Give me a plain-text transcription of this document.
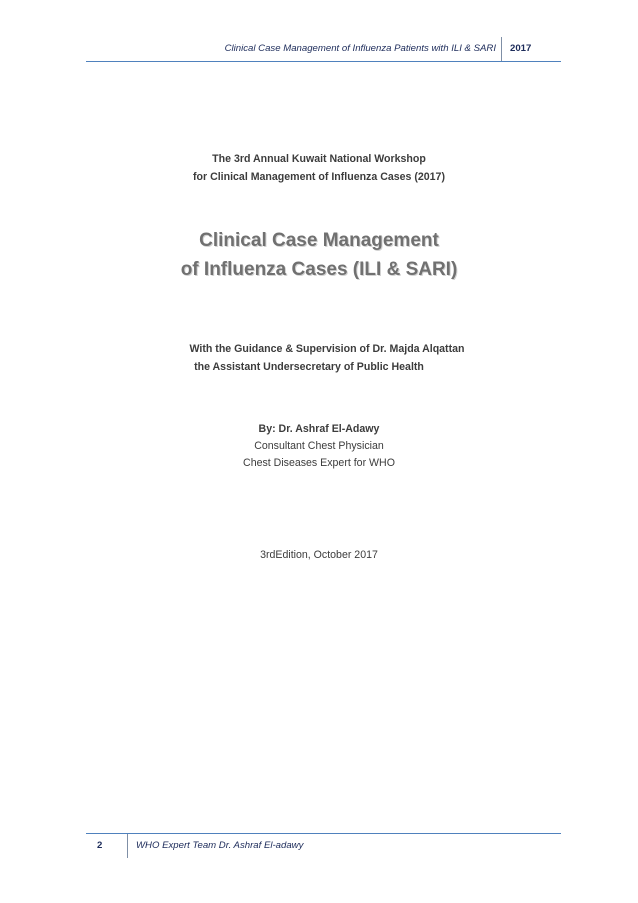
Clinical Case Management of Influenza Patients with ILI & SARI 2017
The 3rd Annual Kuwait National Workshop
for Clinical Management of Influenza Cases (2017)
Clinical Case Management
of Influenza Cases (ILI & SARI)
With the Guidance & Supervision of Dr. Majda Alqattan
the Assistant Undersecretary of Public Health
By: Dr. Ashraf El-Adawy
Consultant Chest Physician
Chest Diseases Expert for WHO
3rdEdition, October 2017
2	WHO Expert Team Dr. Ashraf El-adawy
